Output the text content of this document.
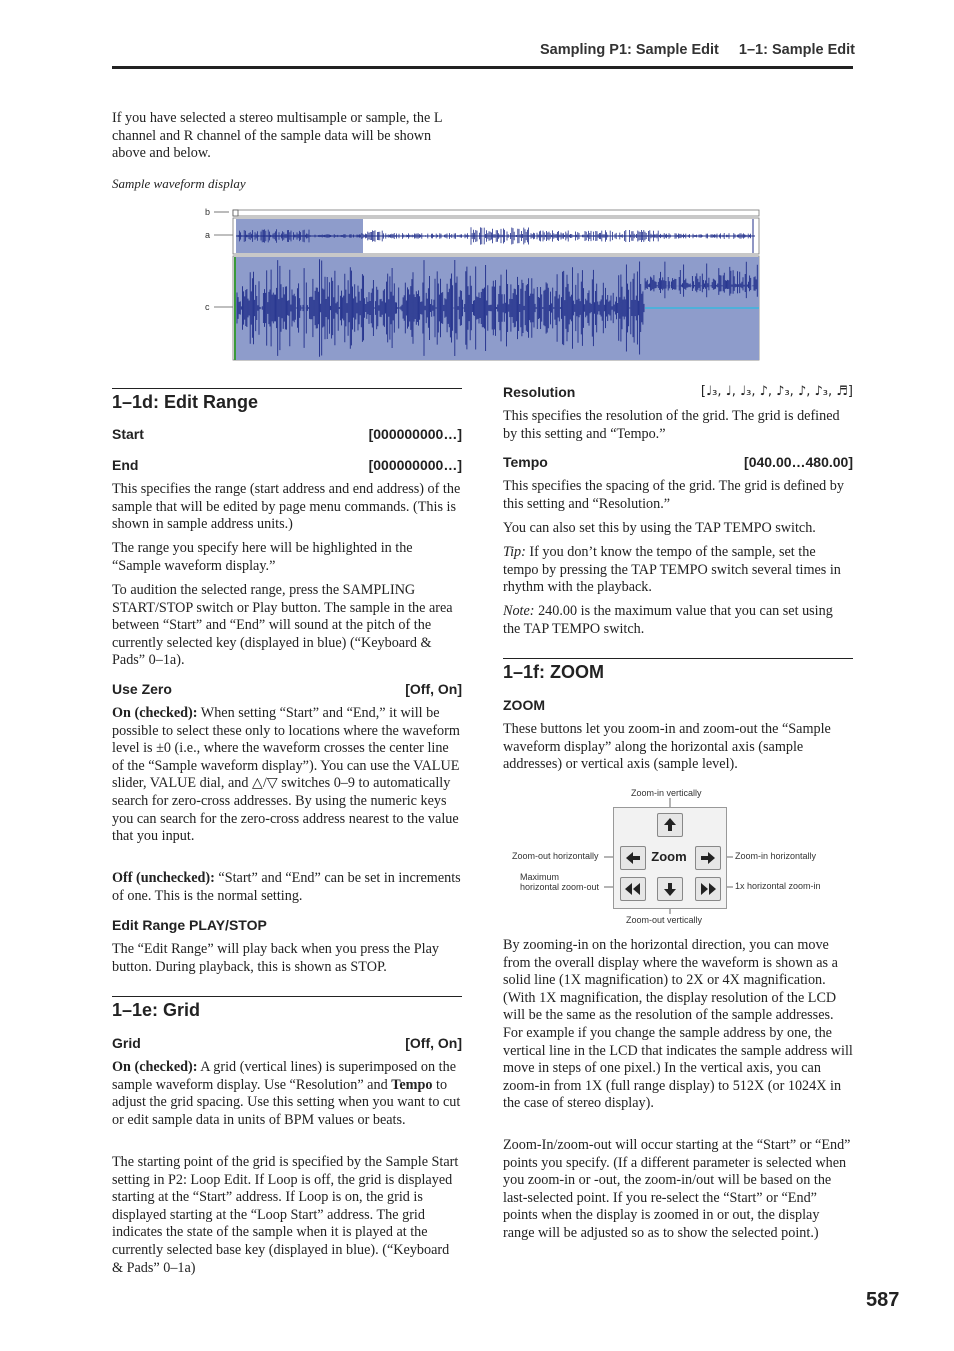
Sampling P1: Sample Edit 1–1: Sample Edit

If you have selected a stereo multisample or sample, the L channel and R channel of the sample data will be shown above and below.

Sample waveform display
b
a
c
1–1d: Edit Range
Start	[000000000…]
End	[000000000…]

This specifies the range (start address and end address) of the sample that will be edited by page menu commands. (This is shown in sample address units.)

The range you specify here will be highlighted in the “Sample waveform display.”

To audition the selected range, press the SAMPLING START/STOP switch or Play button. The sample in the area between “Start” and “End” will sound at the pitch of the currently selected key (displayed in blue) (“Keyboard & Pads” 0–1a).

Use Zero	[Off, On]

On (checked): When setting “Start” and “End,” it will be possible to select these only to locations where the waveform level is ±0 (i.e., where the waveform crosses the center line of the “Sample waveform display”). You can use the VALUE slider, VALUE dial, and △/▽ switches 0–9 to automatically search for zero-cross addresses. By using the numeric keys you can search for the zero-cross address nearest to the value that you input.

Off (unchecked): “Start” and “End” can be set in increments of one. This is the normal setting.

Edit Range PLAY/STOP

The “Edit Range” will play back when you press the Play button. During playback, this is shown as STOP.

1–1e: Grid
Grid	[Off, On]

On (checked): A grid (vertical lines) is superimposed on the sample waveform display. Use “Resolution” and Tempo to adjust the grid spacing. Use this setting when you want to cut or edit sample data in units of BPM values or beats.

The starting point of the grid is specified by the Sample Start setting in P2: Loop Edit. If Loop is off, the grid is displayed starting at the “Start” address. If Loop is on, the grid is displayed starting at the “Loop Start” address. The grid indicates the state of the sample when it is played at the currently selected base key (displayed in blue). (“Keyboard & Pads” 0–1a)

Resolution	[♩₃, ♩, ♩₃, ♪, ♪₃, ♪, ♪₃, ♬]

This specifies the resolution of the grid. The grid is defined by this setting and “Tempo.”

Tempo	[040.00…480.00]

This specifies the spacing of the grid. The grid is defined by this setting and “Resolution.”

You can also set this by using the TAP TEMPO switch.

Tip: If you don’t know the tempo of the sample, set the tempo by pressing the TAP TEMPO switch several times in rhythm with the playback.

Note: 240.00 is the maximum value that you can set using the TAP TEMPO switch.

1–1f: ZOOM
ZOOM

These buttons let you zoom-in and zoom-out the “Sample waveform display” along the horizontal axis (sample addresses) or vertical axis (sample level).

Zoom-in vertically
Zoom-out vertically
Zoom-out horizontally	Zoom-in horizontally
Maximum
horizontal zoom-out	1x horizontal zoom-in
Zoom

By zooming-in on the horizontal direction, you can move from the overall display where the waveform is shown as a solid line (1X magnification) to 2X or 4X magnification. (With 1X magnification, the display resolution of the LCD will be the same as the resolution of the sample addresses. For example if you change the sample address by one, the vertical line in the LCD that indicates the sample address will move in steps of one pixel.) In the vertical axis, you can zoom-in from 1X (full range display) to 512X (or 1024X in the case of stereo display).

Zoom-In/zoom-out will occur starting at the “Start” or “End” points you specify. (If a different parameter is selected when you zoom-in or -out, the zoom-in/out will be based on the last-selected point. If you re-select the “Start” or “End” points when the display is zoomed in or out, the display range will be adjusted so as to show the selected point.)

587
